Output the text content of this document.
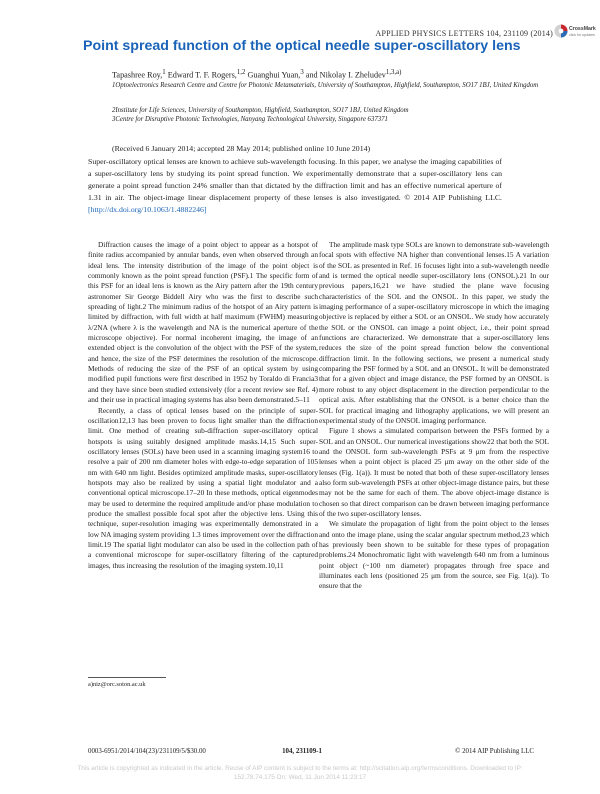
APPLIED PHYSICS LETTERS 104, 231109 (2014)	CrossMark
click for updates
Point spread function of the optical needle super-oscillatory lens
Tapashree Roy,$^1$ Edward T. F. Rogers,$^{1,2}$ Guanghui Yuan,$^3$ and Nikolay I. Zheludev$^{1,3,a)}$
1Optoelectronics Research Centre and Centre for Photonic Metamaterials, University of Southampton, Highfield, Southampton, SO17 1BJ, United Kingdom
2Institute for Life Sciences, University of Southampton, Highfield, Southampton, SO17 1BJ, United Kingdom
3Centre for Disruptive Photonic Technologies, Nanyang Technological University, Singapore 637371
(Received 6 January 2014; accepted 28 May 2014; published online 10 June 2014)
Super-oscillatory optical lenses are known to achieve sub-wavelength focusing. In this paper, we analyse the imaging capabilities of a super-oscillatory lens by studying its point spread function. We experimentally demonstrate that a super-oscillatory lens can generate a point spread function 24% smaller than that dictated by the diffraction limit and has an effective numerical aperture of 1.31 in air. The object-image linear displacement property of these lenses is also investigated. © 2014 AIP Publishing LLC. [http://dx.doi.org/10.1063/1.4882246]

Diffraction causes the image of a point object to appear as a hotspot of finite radius accompanied by annular bands, even when observed through an ideal lens. The intensity distribution of the image of the point object is commonly known as the point spread function (PSF).1 The specific form of this PSF for an ideal lens is known as the Airy pattern after the 19th century astronomer Sir George Biddell Airy who was the first to describe such spreading of light.2 The minimum radius of the hotspot of an Airy pattern is limited by diffraction, with full width at half maximum (FWHM) measuring λ/2NA (where λ is the wavelength and NA is the numerical aperture of the microscope objective). For normal incoherent imaging, the image of an extended object is the convolution of the object with the PSF of the system, and hence, the size of the PSF determines the resolution of the microscope. Methods of reducing the size of the PSF of an optical system by using modified pupil functions were first described in 1952 by Toraldo di Francia3 and they have since been studied extensively (for a recent review see Ref. 4) and their use in practical imaging systems has also been demonstrated.5–11

Recently, a class of optical lenses based on the principle of super-oscillation12,13 has been proven to focus light smaller than the diffraction limit. One method of creating sub-diffraction super-oscillatory optical hotspots is using suitably designed amplitude masks.14,15 Such super-oscillatory lenses (SOLs) have been used in a scanning imaging system16 to resolve a pair of 200 nm diameter holes with edge-to-edge separation of 105 nm with 640 nm light. Besides optimized amplitude masks, super-oscillatory hotspots may also be realized by using a spatial light modulator and a conventional optical microscope.17–20 In these methods, optical eigenmodes may be used to determine the required amplitude and/or phase modulation to produce the smallest possible focal spot after the objective lens. Using this technique, super-resolution imaging was experimentally demonstrated in a low NA imaging system providing 1.3 times improvement over the diffraction limit.19 The spatial light modulator can also be used in the collection path of a conventional microscope for super-oscillatory filtering of the captured images, thus increasing the resolution of the imaging system.10,11

The amplitude mask type SOLs are known to demonstrate sub-wavelength focal spots with effective NA higher than conventional lenses.15 A variation of the SOL as presented in Ref. 16 focuses light into a sub-wavelength needle and is termed the optical needle super-oscillatory lens (ONSOL).21 In our previous papers,16,21 we have studied the plane wave focusing characteristics of the SOL and the ONSOL. In this paper, we study the imaging performance of a super-oscillatory microscope in which the imaging objective is replaced by either a SOL or an ONSOL. We study how accurately the SOL or the ONSOL can image a point object, i.e., their point spread functions are characterized. We demonstrate that a super-oscillatory lens reduces the size of the point spread function below the conventional diffraction limit. In the following sections, we present a numerical study comparing the PSF formed by a SOL and an ONSOL. It will be demonstrated that for a given object and image distance, the PSF formed by an ONSOL is more robust to any object displacement in the direction perpendicular to the optical axis. After establishing that the ONSOL is a better choice than the SOL for practical imaging and lithography applications, we will present an experimental study of the ONSOL imaging performance.

Figure 1 shows a simulated comparison between the PSFs formed by a SOL and an ONSOL. Our numerical investigations show22 that both the SOL and the ONSOL form sub-wavelength PSFs at 9 μm from the respective lenses when a point object is placed 25 μm away on the other side of the lenses (Fig. 1(a)). It must be noted that both of these super-oscillatory lenses also form sub-wavelength PSFs at other object-image distance pairs, but these may not be the same for each of them. The above object-image distance is chosen so that direct comparison can be drawn between imaging performance of the two super-oscillatory lenses.

We simulate the propagation of light from the point object to the lenses and onto the image plane, using the scalar angular spectrum method,23 which has previously been shown to be suitable for these types of propagation problems.24 Monochromatic light with wavelength 640 nm from a luminous point object (~100 nm diameter) propagates through free space and illuminates each lens (positioned 25 μm from the source, see Fig. 1(a)). To ensure that the

a)niz@orc.soton.ac.uk
0003-6951/2014/104(23)/231109/5/$30.00	104, 231109-1	© 2014 AIP Publishing LLC
This article is copyrighted as indicated in the article. Reuse of AIP content is subject to the terms at: http://scitation.aip.org/termsconditions. Downloaded to IP:
152.78.74.175 On: Wed, 11 Jun 2014 11:23:17
